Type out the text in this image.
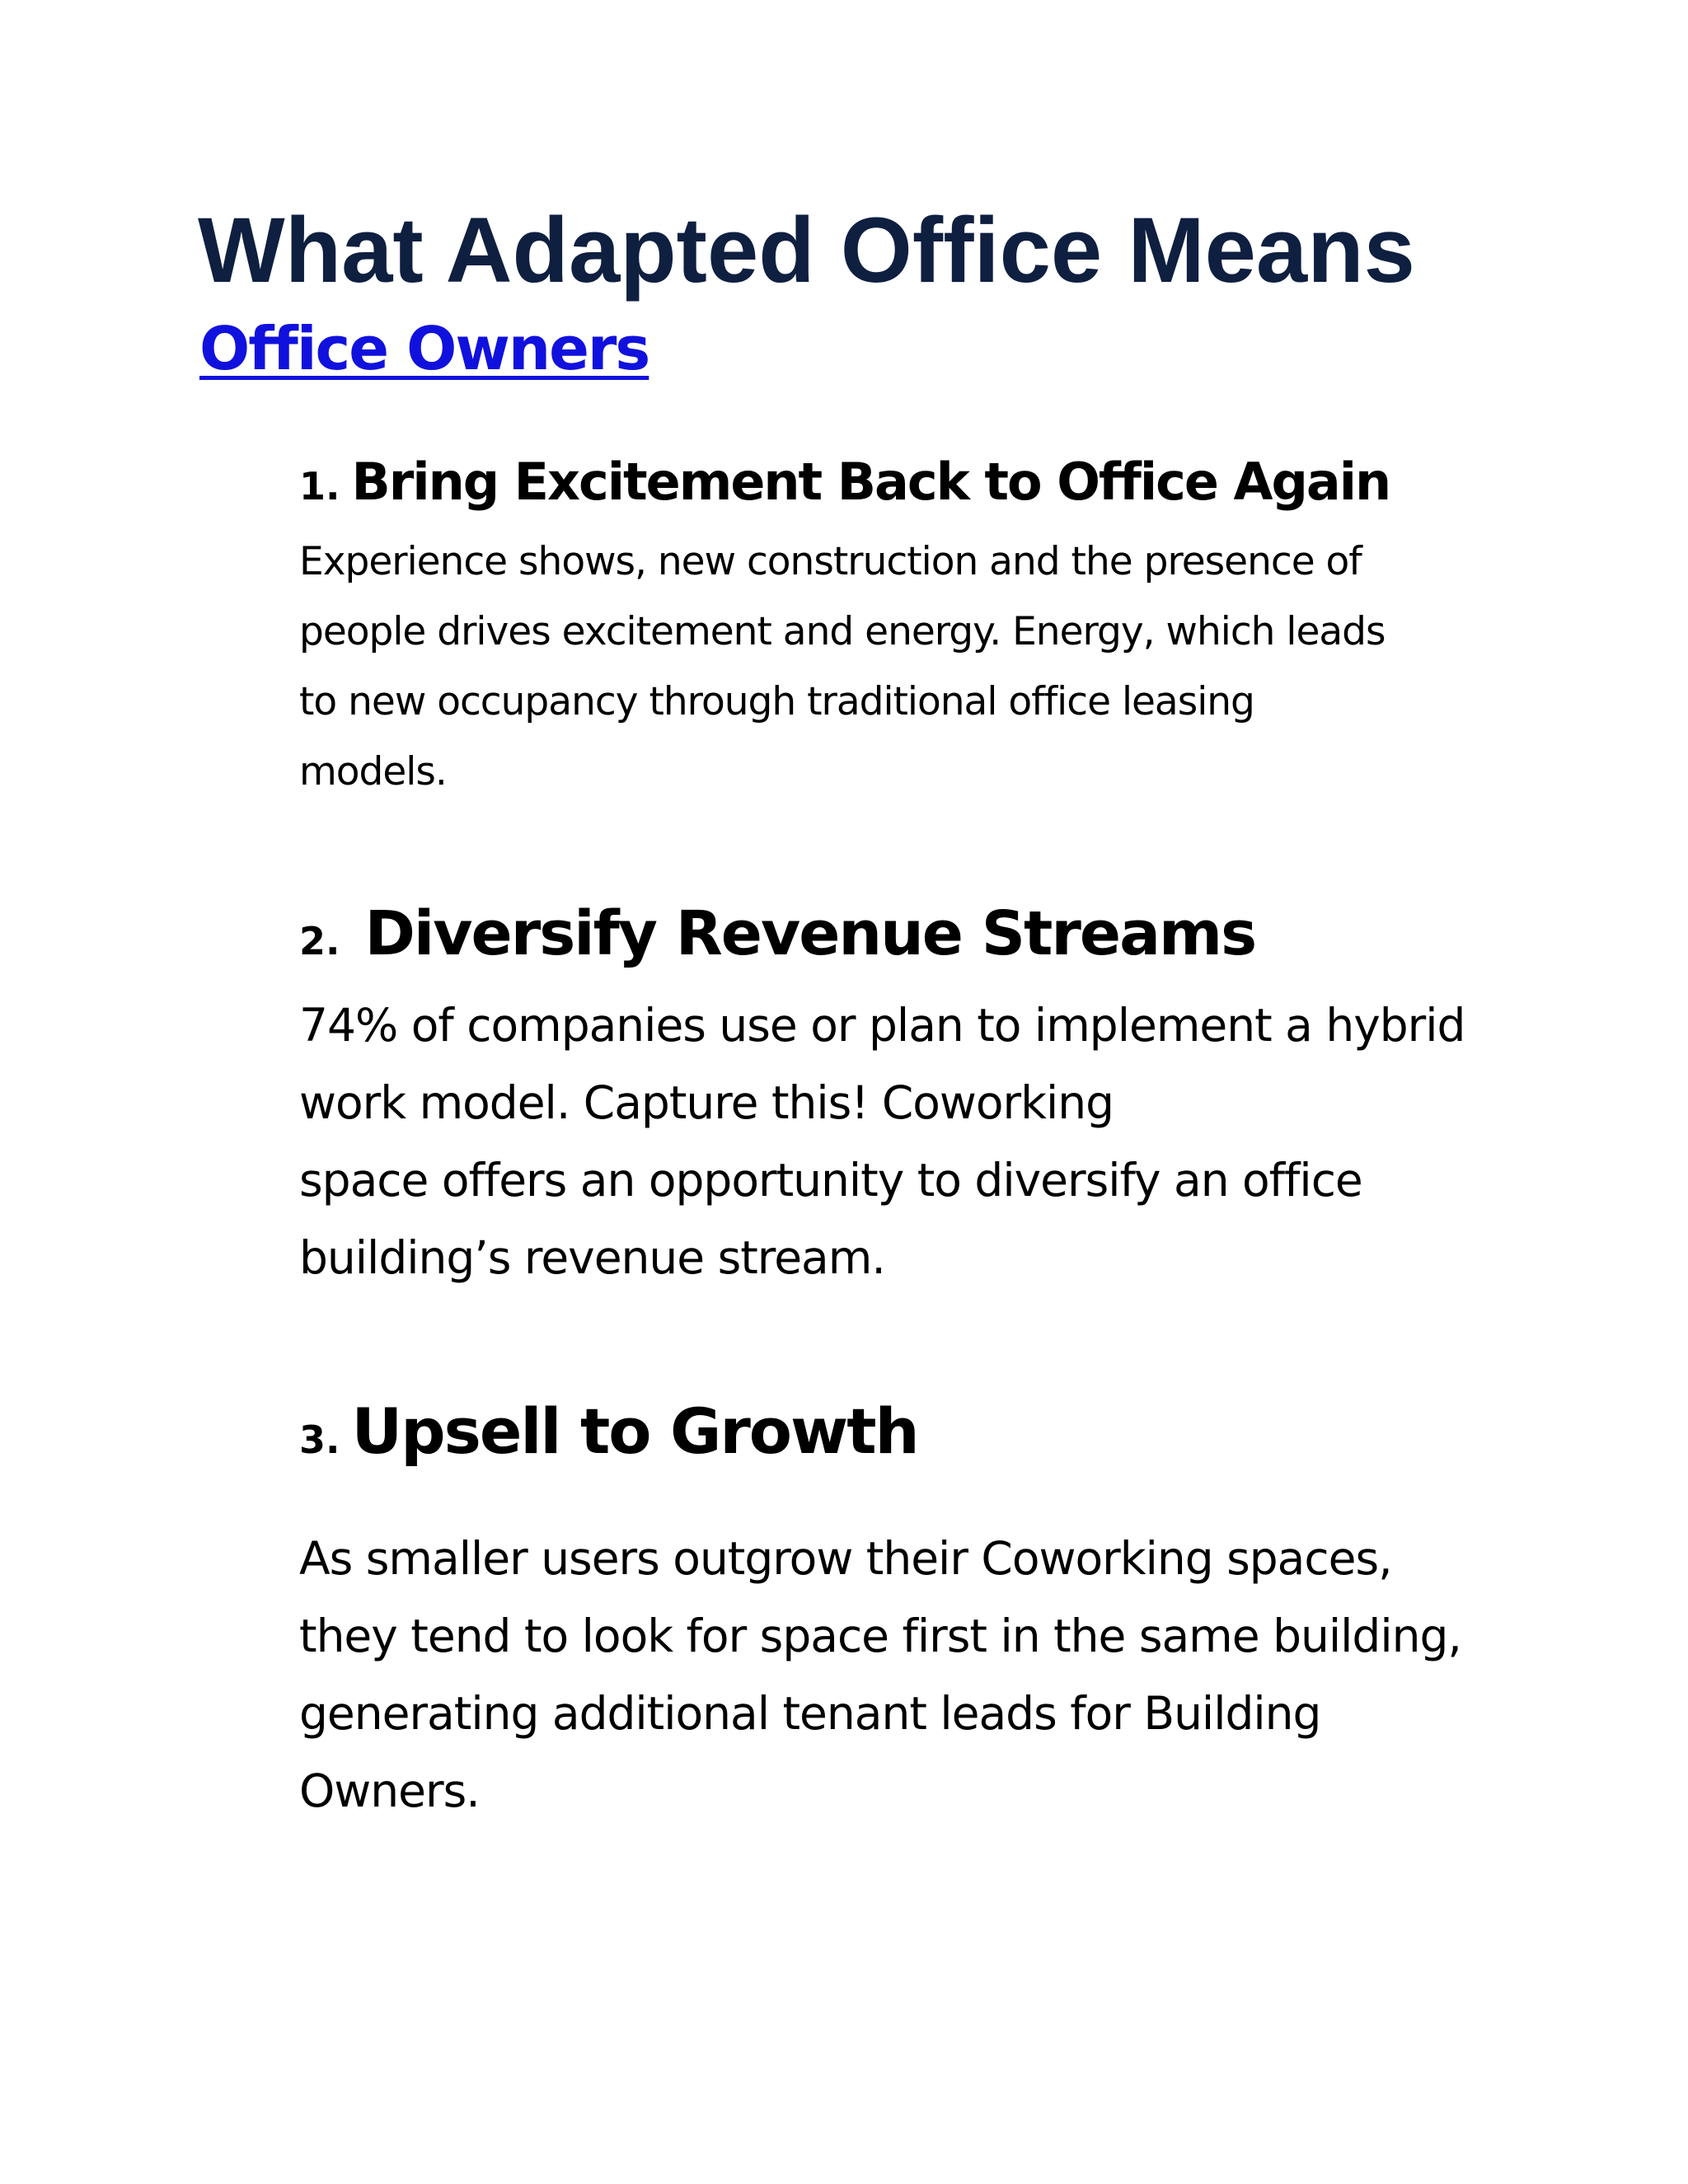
What Adapted Office Means
Office Owners
1. Bring Excitement Back to Office Again

Experience shows, new construction and the presence of
people drives excitement and energy. Energy, which leads
to new occupancy through traditional office leasing
models.

2. Diversify Revenue Streams

74% of companies use or plan to implement a hybrid
work model. Capture this! Coworking
space offers an opportunity to diversify an office
building’s revenue stream.

3. Upsell to Growth

As smaller users outgrow their Coworking spaces,
they tend to look for space first in the same building,
generating additional tenant leads for Building
Owners.
